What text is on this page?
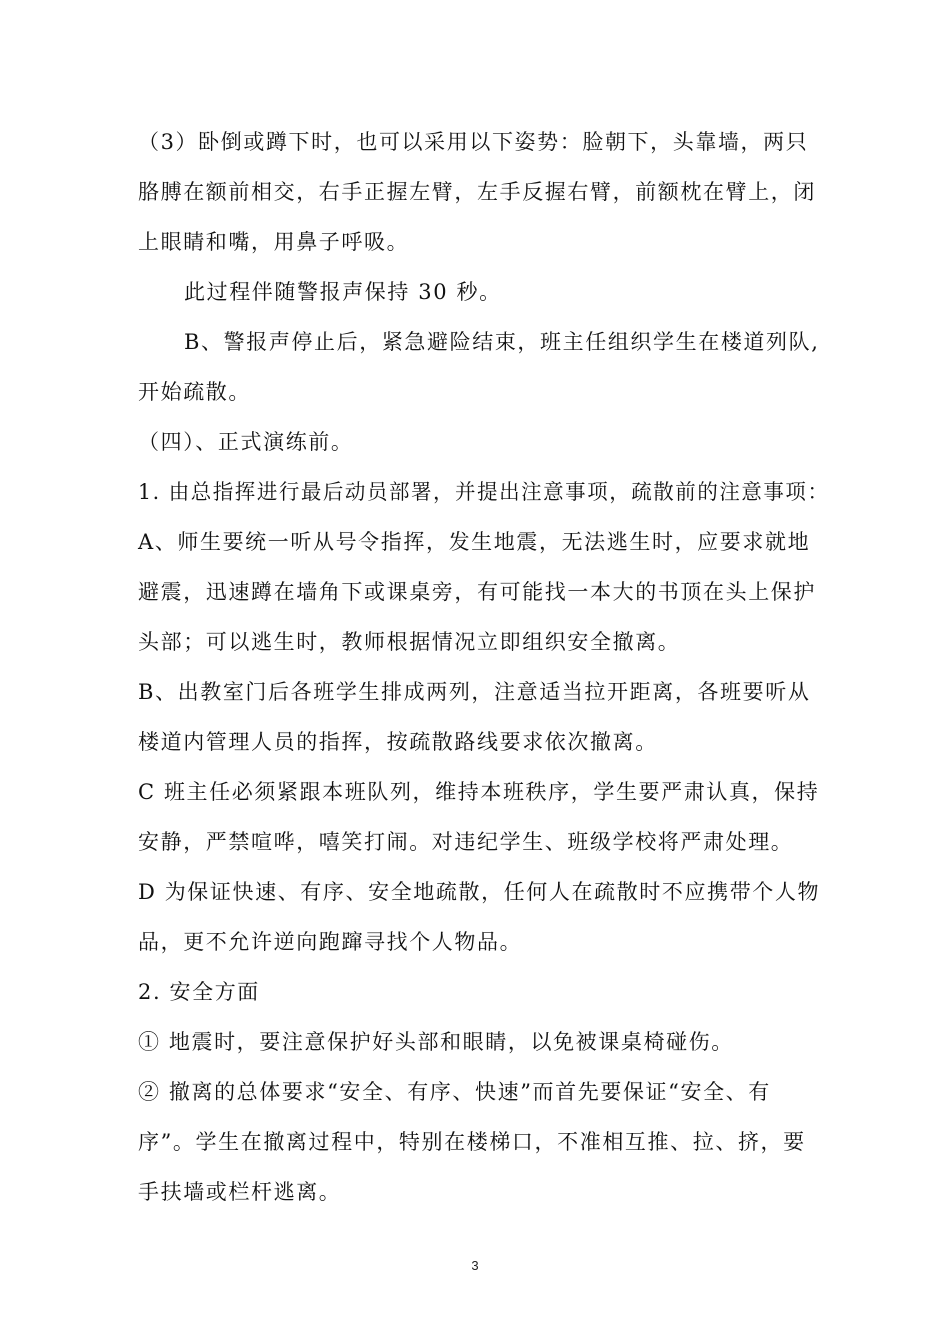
（3）卧倒或蹲下时，也可以采用以下姿势：脸朝下，头靠墙，两只
胳膊在额前相交，右手正握左臂，左手反握右臂，前额枕在臂上，闭
上眼睛和嘴，用鼻子呼吸。
此过程伴随警报声保持 30 秒。
B、警报声停止后，紧急避险结束，班主任组织学生在楼道列队,
开始疏散。
（四）、正式演练前。
1. 由总指挥进行最后动员部署，并提出注意事项，疏散前的注意事项：
A、师生要统一听从号令指挥，发生地震，无法逃生时，应要求就地
避震，迅速蹲在墙角下或课桌旁，有可能找一本大的书顶在头上保护
头部；可以逃生时，教师根据情况立即组织安全撤离。
B、出教室门后各班学生排成两列，注意适当拉开距离，各班要听从
楼道内管理人员的指挥，按疏散路线要求依次撤离。
C 班主任必须紧跟本班队列，维持本班秩序，学生要严肃认真，保持
安静，严禁喧哗，嘻笑打闹。对违纪学生、班级学校将严肃处理。
D 为保证快速、有序、安全地疏散，任何人在疏散时不应携带个人物
品，更不允许逆向跑蹿寻找个人物品。
2. 安全方面
① 地震时，要注意保护好头部和眼睛，以免被课桌椅碰伤。
② 撤离的总体要求“安全、有序、快速”而首先要保证“安全、有
序”。学生在撤离过程中，特别在楼梯口，不准相互推、拉、挤，要
手扶墙或栏杆逃离。
3
